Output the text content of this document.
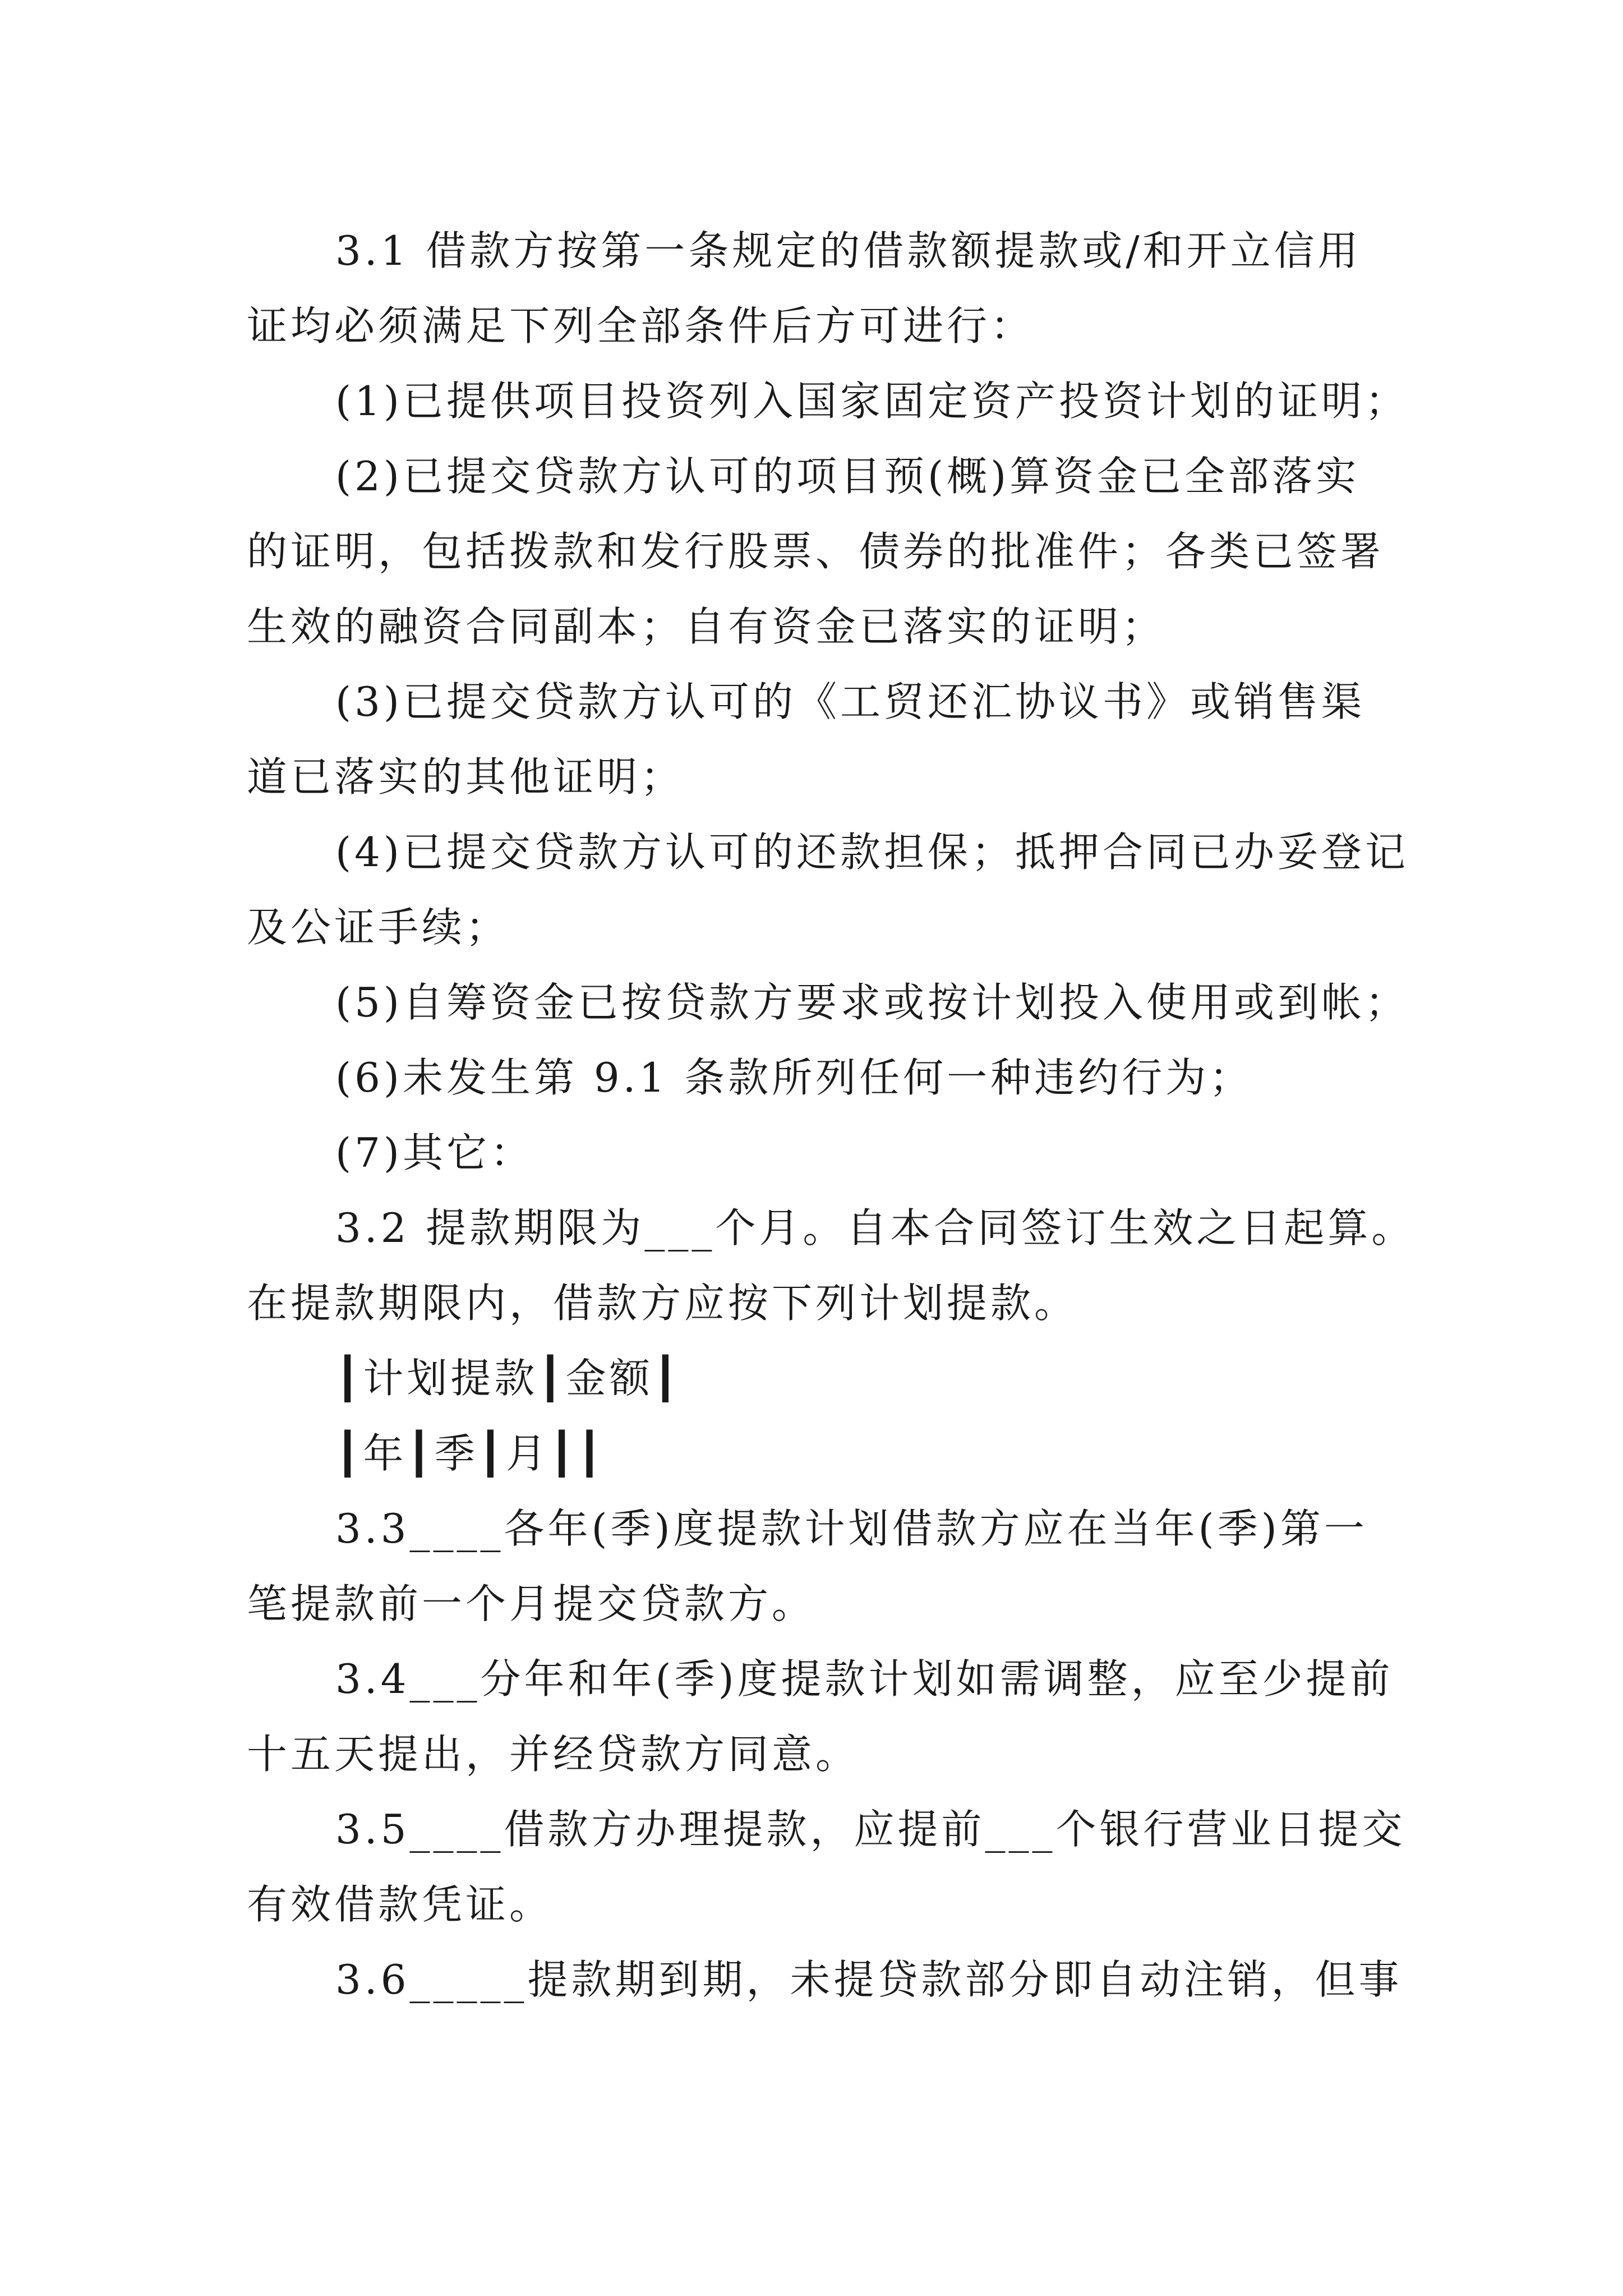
3.1 借款方按第一条规定的借款额提款或/和开立信用
证均必须满足下列全部条件后方可进行：
(1)已提供项目投资列入国家固定资产投资计划的证明；
(2)已提交贷款方认可的项目预(概)算资金已全部落实
的证明，包括拨款和发行股票、债券的批准件；各类已签署
生效的融资合同副本；自有资金已落实的证明；
(3)已提交贷款方认可的《工贸还汇协议书》或销售渠
道已落实的其他证明；
(4)已提交贷款方认可的还款担保；抵押合同已办妥登记
及公证手续；
(5)自筹资金已按贷款方要求或按计划投入使用或到帐；
(6)未发生第 9.1 条款所列任何一种违约行为；
(7)其它：
3.2 提款期限为___个月。自本合同签订生效之日起算。
在提款期限内，借款方应按下列计划提款。
┃计划提款┃金额┃
┃年┃季┃月┃┃
3.3____各年(季)度提款计划借款方应在当年(季)第一
笔提款前一个月提交贷款方。
3.4___分年和年(季)度提款计划如需调整，应至少提前
十五天提出，并经贷款方同意。
3.5____借款方办理提款，应提前___个银行营业日提交
有效借款凭证。
3.6_____提款期到期，未提贷款部分即自动注销，但事
